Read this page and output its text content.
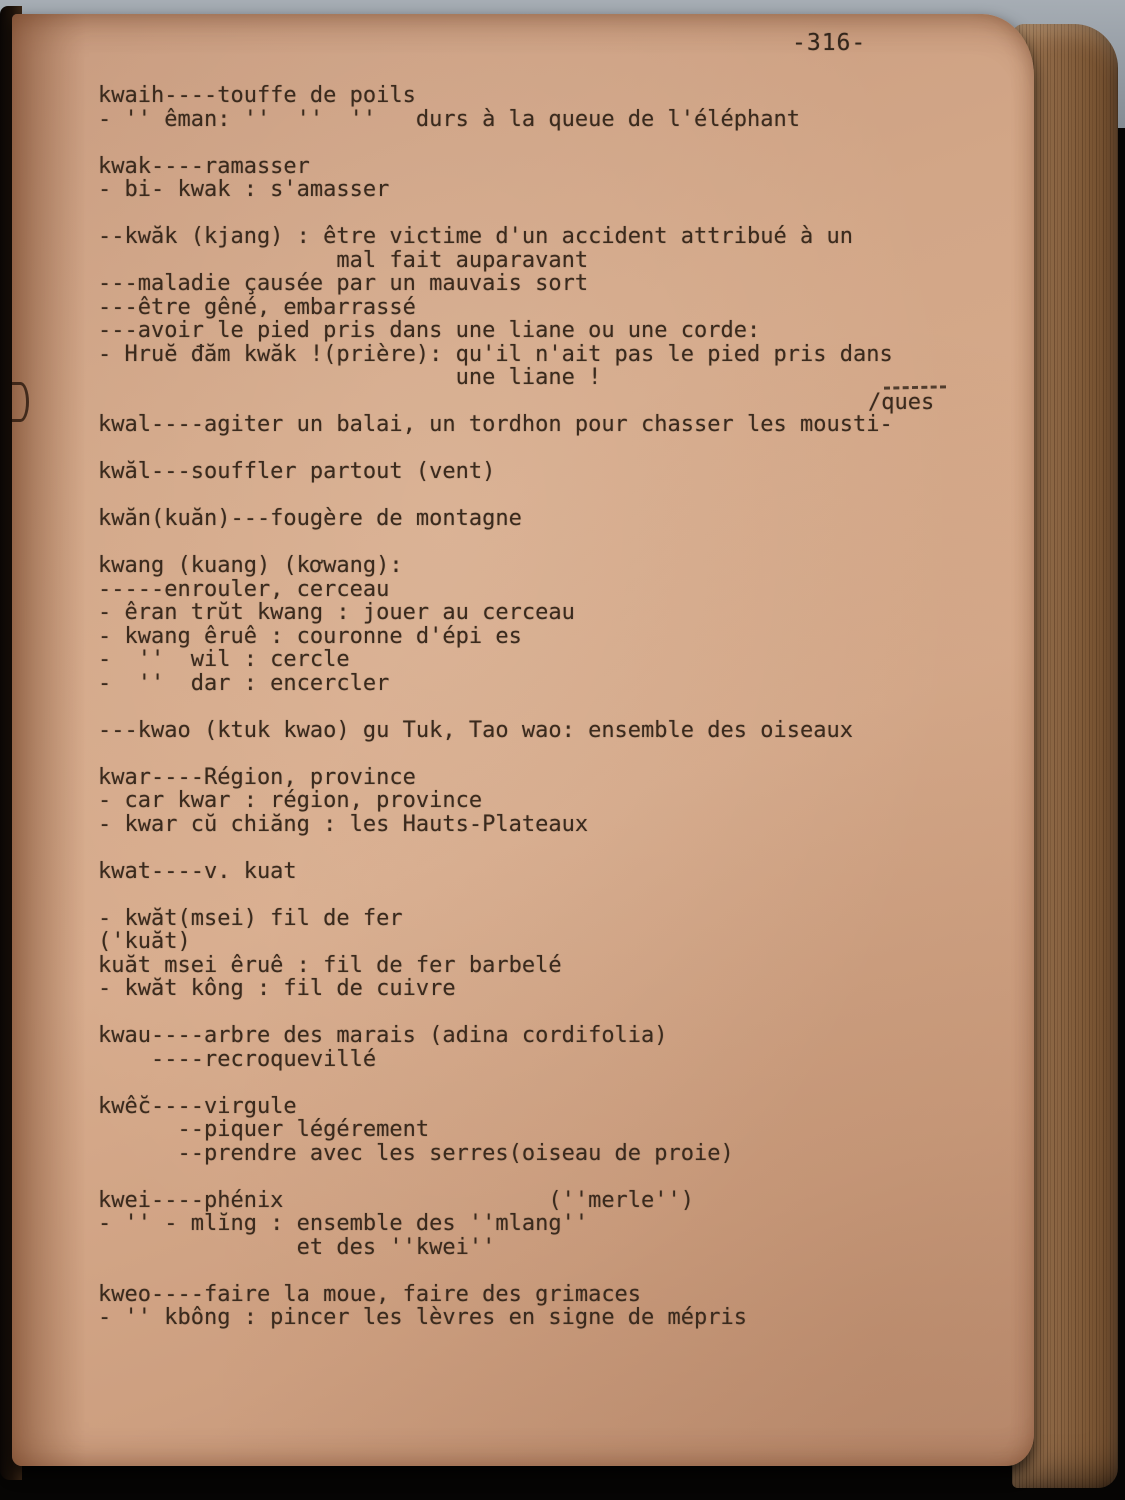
-316-
kwaih----touffe de poils
- '' êman: ''  ''  ''   durs à la queue de l'éléphant

kwak----ramasser
- bi- kwak : s'amasser

--kwăk (kjang) : être victime d'un accident attribué à un
mal fait auparavant
---maladie çausée par un mauvais sort
---être gêné, embarrassé
---avoir le pied pris dans une liane ou une corde:
- Hruĕ đăm kwăk !(prière): qu'il n'ait pas le pied pris dans
une liane !

kwal----agiter un balai, un tordhon pour chasser les mousti-

kwăl---souffler partout (vent)

kwăn(kuăn)---fougère de montagne

kwang (kuang) (kơwang):
-----enrouler, cerceau
- êran trŭt kwang : jouer au cerceau
- kwang êruê : couronne d'épi es
-  ''  wil : cercle
-  ''  dar : encercler

---kwao (ktuk kwao) gu Tuk, Tao wao: ensemble des oiseaux

kwar----Région, province
- car kwar : région, province
- kwar cŭ chiăng : les Hauts-Plateaux

kwat----v. kuat

- kwăt(msei) fil de fer
('kuăt)
kuăt msei êruê : fil de fer barbelé
- kwăt kông : fil de cuivre

kwau----arbre des marais (adina cordifolia)
----recroquevillé

kwê̆c----virgule
--piquer légérement
--prendre avec les serres(oiseau de proie)

kwei----phénix                    (''merle'')
- '' - mlĭng : ensemble des ''mlang''
et des ''kwei''

kweo----faire la moue, faire des grimaces
- '' kbông : pincer les lèvres en signe de mépris
/ques
